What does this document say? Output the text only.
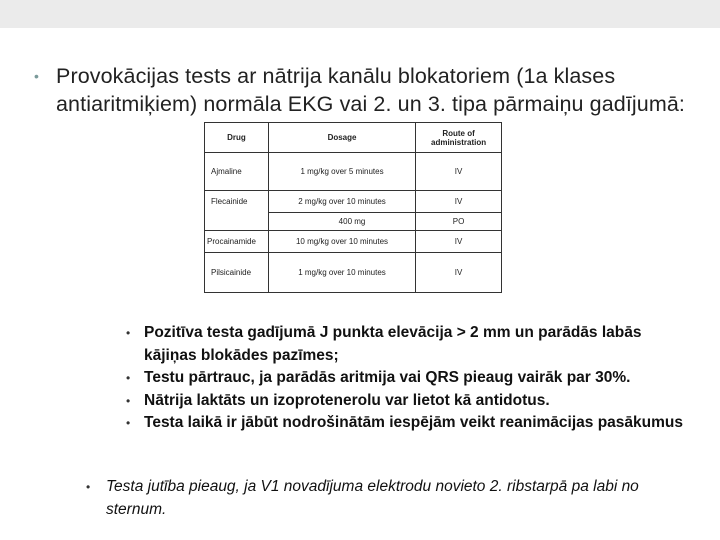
• Provokācijas tests ar nātrija kanālu blokatoriem (1a klases antiaritmiķiem) normāla EKG vai 2. un 3. tipa pārmaiņu gadījumā:
Drug	Dosage	Route of administration
Ajmaline	1 mg/kg over 5 minutes	IV
Flecainide	2 mg/kg over 10 minutes	IV
	400 mg	PO
Procainamide	10 mg/kg over 10 minutes	IV
Pilsicainide	1 mg/kg over 10 minutes	IV
• Pozitīva testa gadījumā J punkta elevācija > 2 mm un parādās labās kājiņas blokādes pazīmes;
• Testu pārtrauc, ja parādās aritmija vai QRS pieaug vairāk par 30%.
• Nātrija laktāts un izoprotenerolu var lietot kā antidotus.
• Testa laikā ir jābūt nodrošinātām iespējām veikt reanimācijas pasākumus
•	Testa jutība pieaug, ja V1 novadījuma elektrodu novieto 2. ribstarpā pa labi no sternum.
